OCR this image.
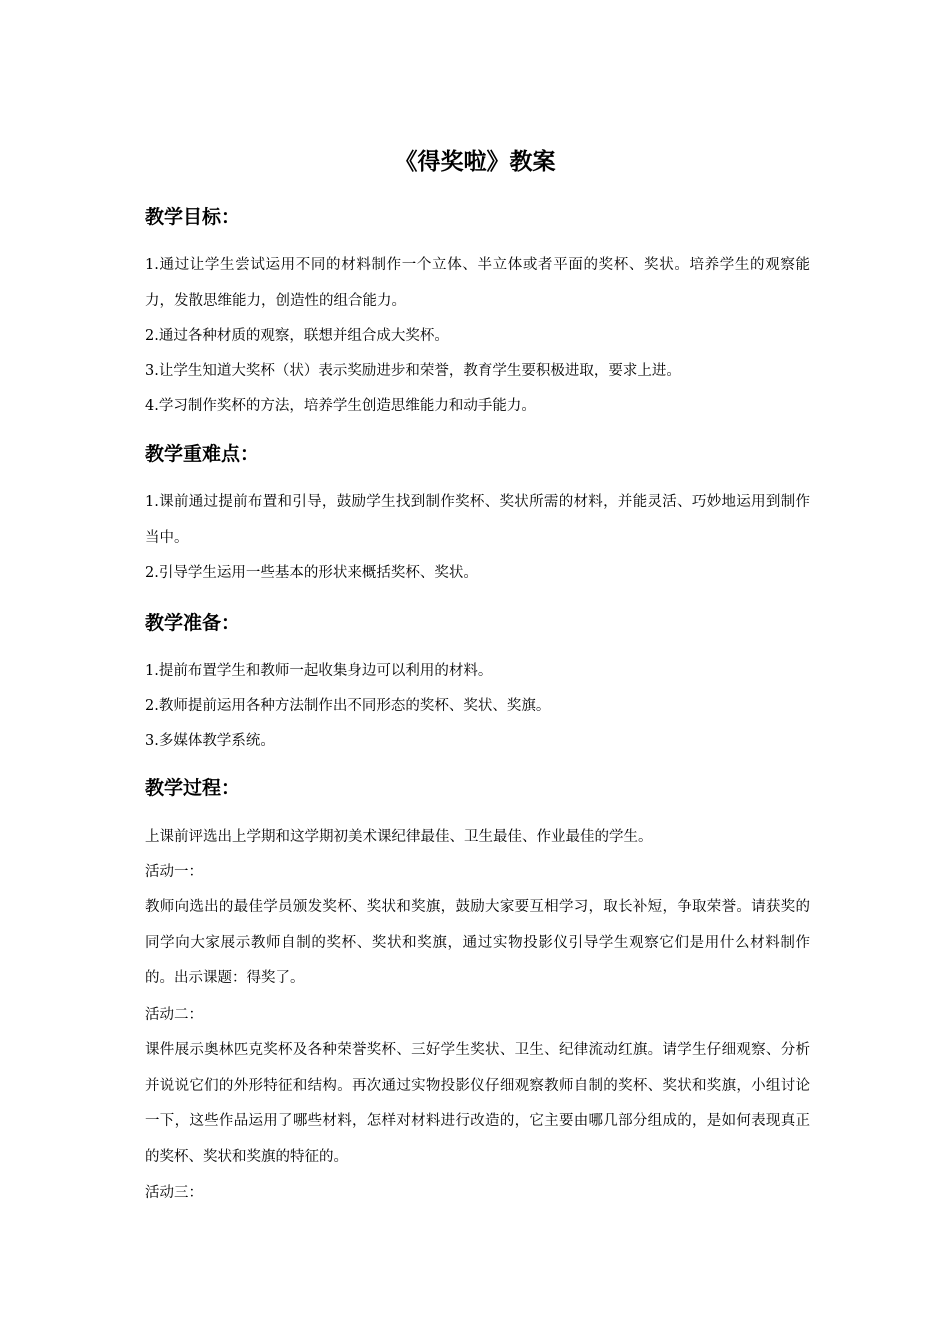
《得奖啦》教案
教学目标：

1.通过让学生尝试运用不同的材料制作一个立体、半立体或者平面的奖杯、奖状。培养学生的观察能力，发散思维能力，创造性的组合能力。

2.通过各种材质的观察，联想并组合成大奖杯。

3.让学生知道大奖杯（状）表示奖励进步和荣誉，教育学生要积极进取，要求上进。

4.学习制作奖杯的方法，培养学生创造思维能力和动手能力。

教学重难点：

1.课前通过提前布置和引导，鼓励学生找到制作奖杯、奖状所需的材料，并能灵活、巧妙地运用到制作当中。

2.引导学生运用一些基本的形状来概括奖杯、奖状。

教学准备：

1.提前布置学生和教师一起收集身边可以利用的材料。

2.教师提前运用各种方法制作出不同形态的奖杯、奖状、奖旗。

3.多媒体教学系统。

教学过程：

上课前评选出上学期和这学期初美术课纪律最佳、卫生最佳、作业最佳的学生。

活动一：

教师向选出的最佳学员颁发奖杯、奖状和奖旗，鼓励大家要互相学习，取长补短，争取荣誉。请获奖的同学向大家展示教师自制的奖杯、奖状和奖旗，通过实物投影仪引导学生观察它们是用什么材料制作的。出示课题：得奖了。

活动二：

课件展示奥林匹克奖杯及各种荣誉奖杯、三好学生奖状、卫生、纪律流动红旗。请学生仔细观察、分析并说说它们的外形特征和结构。再次通过实物投影仪仔细观察教师自制的奖杯、奖状和奖旗，小组讨论一下，这些作品运用了哪些材料，怎样对材料进行改造的，它主要由哪几部分组成的，是如何表现真正的奖杯、奖状和奖旗的特征的。

活动三：
